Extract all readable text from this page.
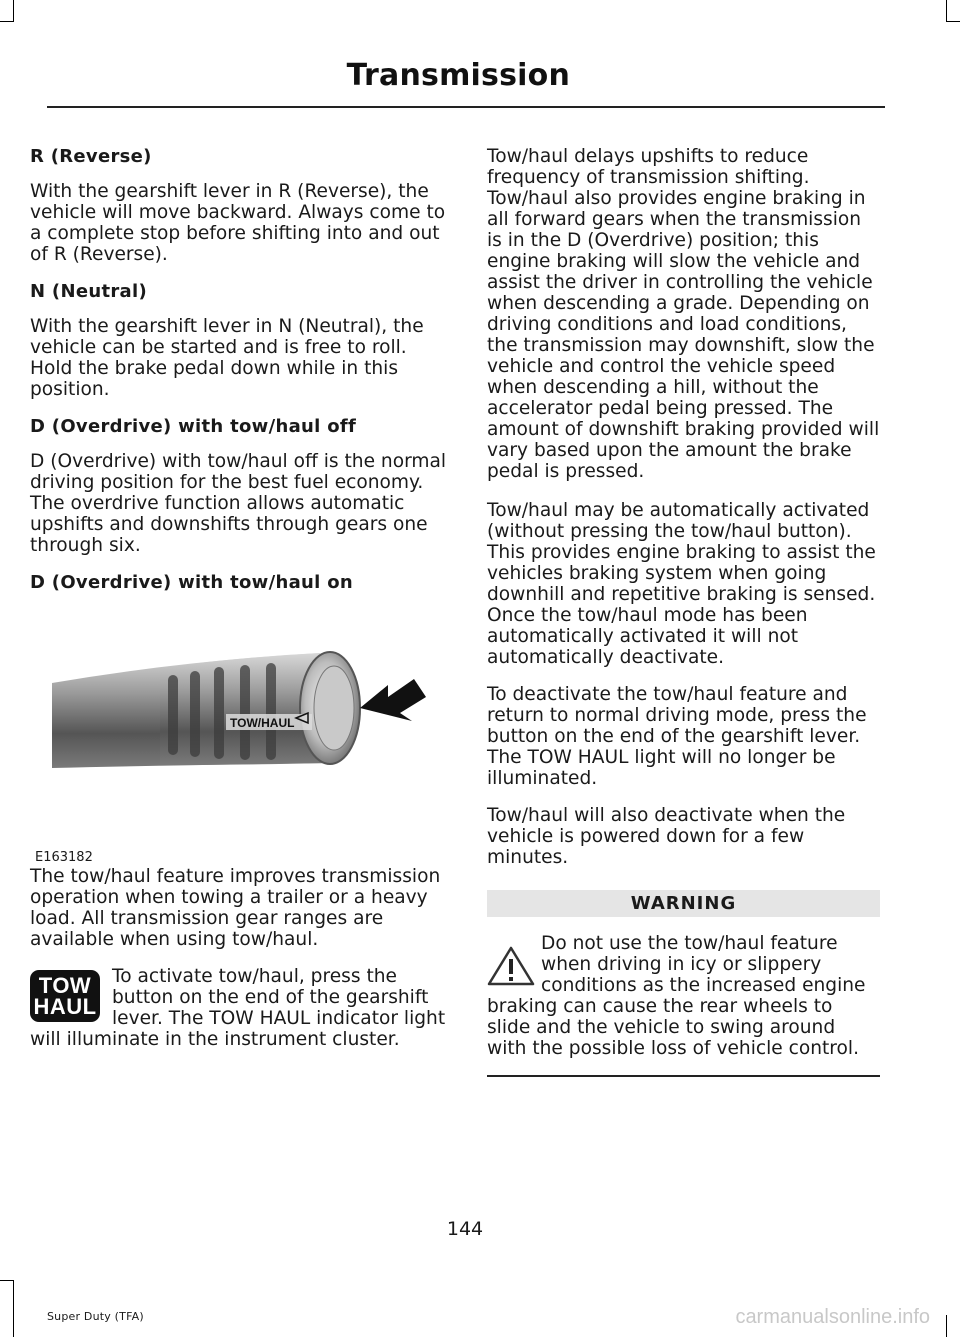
Transmission
R (Reverse)
With the gearshift lever in R (Reverse), the vehicle will move backward. Always come to a complete stop before shifting into and out of R (Reverse).
N (Neutral)
With the gearshift lever in N (Neutral), the vehicle can be started and is free to roll. Hold the brake pedal down while in this position.
D (Overdrive) with tow/haul off
D (Overdrive) with tow/haul off is the normal driving position for the best fuel economy. The overdrive function allows automatic upshifts and downshifts through gears one through six.
D (Overdrive) with tow/haul on
TOW/HAUL
The tow/haul feature improves transmission operation when towing a trailer or a heavy load. All transmission gear ranges are available when using tow/haul.
TOW
HAUL
To activate tow/haul, press the button on the end of the gearshift lever. The TOW HAUL indicator light will illuminate in the instrument cluster.
E163182
Tow/haul delays upshifts to reduce frequency of transmission shifting. Tow/haul also provides engine braking in all forward gears when the transmission is in the D (Overdrive) position; this engine braking will slow the vehicle and assist the driver in controlling the vehicle when descending a grade. Depending on driving conditions and load conditions, the transmission may downshift, slow the vehicle and control the vehicle speed when descending a hill, without the accelerator pedal being pressed. The amount of downshift braking provided will vary based upon the amount the brake pedal is pressed.
Tow/haul may be automatically activated (without pressing the tow/haul button). This provides engine braking to assist the vehicles braking system when going downhill and repetitive braking is sensed. Once the tow/haul mode has been automatically activated it will not automatically deactivate.
To deactivate the tow/haul feature and return to normal driving mode, press the button on the end of the gearshift lever. The TOW HAUL light will no longer be illuminated.
Tow/haul will also deactivate when the vehicle is powered down for a few minutes.
WARNING
Do not use the tow/haul feature when driving in icy or slippery conditions as the increased engine braking can cause the rear wheels to slide and the vehicle to swing around with the possible loss of vehicle control.
144
Super Duty (TFA)	carmanualsonline.info
